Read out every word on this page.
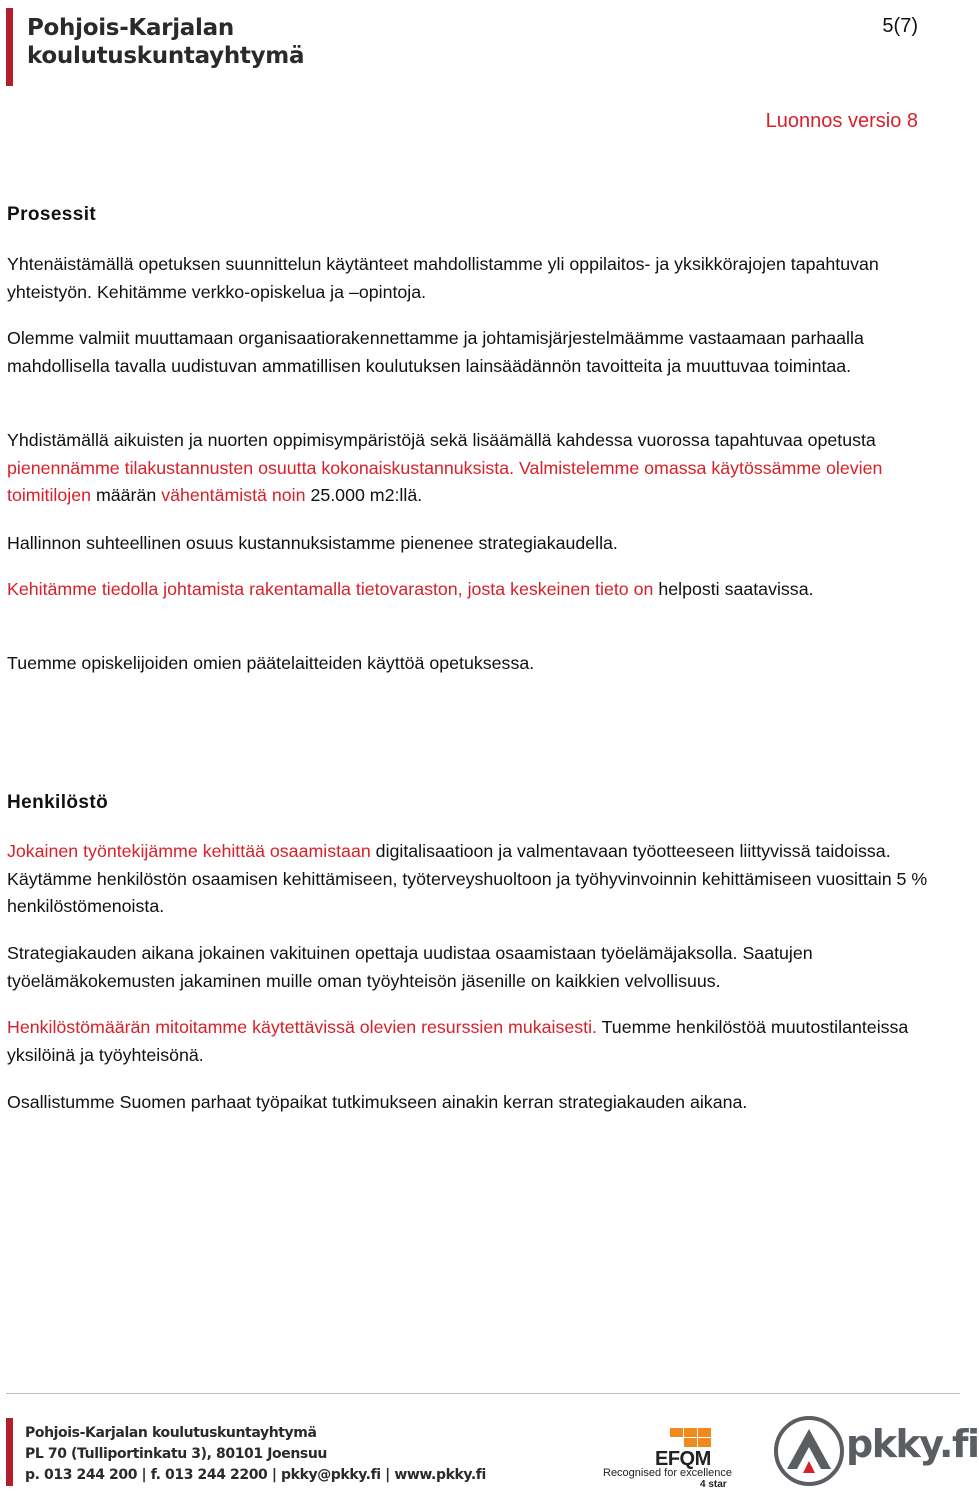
Pohjois-Karjalan
koulutuskuntayhtymä
5(7)
Luonnos versio 8
Prosessit

Yhtenäistämällä opetuksen suunnittelun käytänteet mahdollistamme yli oppilaitos- ja yksikkörajojen tapahtuvan yhteistyön. Kehitämme verkko-opiskelua ja –opintoja.

Olemme valmiit muuttamaan organisaatiorakennettamme ja johtamisjärjestelmäämme vastaamaan parhaalla mahdollisella tavalla uudistuvan ammatillisen koulutuksen lainsäädännön tavoitteita ja muuttuvaa toimintaa.

Yhdistämällä aikuisten ja nuorten oppimisympäristöjä sekä lisäämällä kahdessa vuorossa tapahtuvaa opetusta pienennämme tilakustannusten osuutta kokonaiskustannuksista. Valmistelemme omassa käytössämme olevien toimitilojen määrän vähentämistä noin 25.000 m2:llä.

Hallinnon suhteellinen osuus kustannuksistamme pienenee strategiakaudella.

Kehitämme tiedolla johtamista rakentamalla tietovaraston, josta keskeinen tieto on helposti saatavissa.

Tuemme opiskelijoiden omien päätelaitteiden käyttöä opetuksessa.

Henkilöstö

Jokainen työntekijämme kehittää osaamistaan digitalisaatioon ja valmentavaan työotteeseen liittyvissä taidoissa. Käytämme henkilöstön osaamisen kehittämiseen, työterveyshuoltoon ja työhyvinvoinnin kehittämiseen vuosittain 5 % henkilöstömenoista.

Strategiakauden aikana jokainen vakituinen opettaja uudistaa osaamistaan työelämäjaksolla. Saatujen työelämäkokemusten jakaminen muille oman työyhteisön jäsenille on kaikkien velvollisuus.

Henkilöstömäärän mitoitamme käytettävissä olevien resurssien mukaisesti. Tuemme henkilöstöä muutostilanteissa yksilöinä ja työyhteisönä.

Osallistumme Suomen parhaat työpaikat tutkimukseen ainakin kerran strategiakauden aikana.

Pohjois-Karjalan koulutuskuntayhtymä
PL 70 (Tulliportinkatu 3), 80101 Joensuu
p. 013 244 200 | f. 013 244 2200 | pkky@pkky.fi | www.pkky.fi
EFQM
Recognised for excellence
4 star
pkky.fi
